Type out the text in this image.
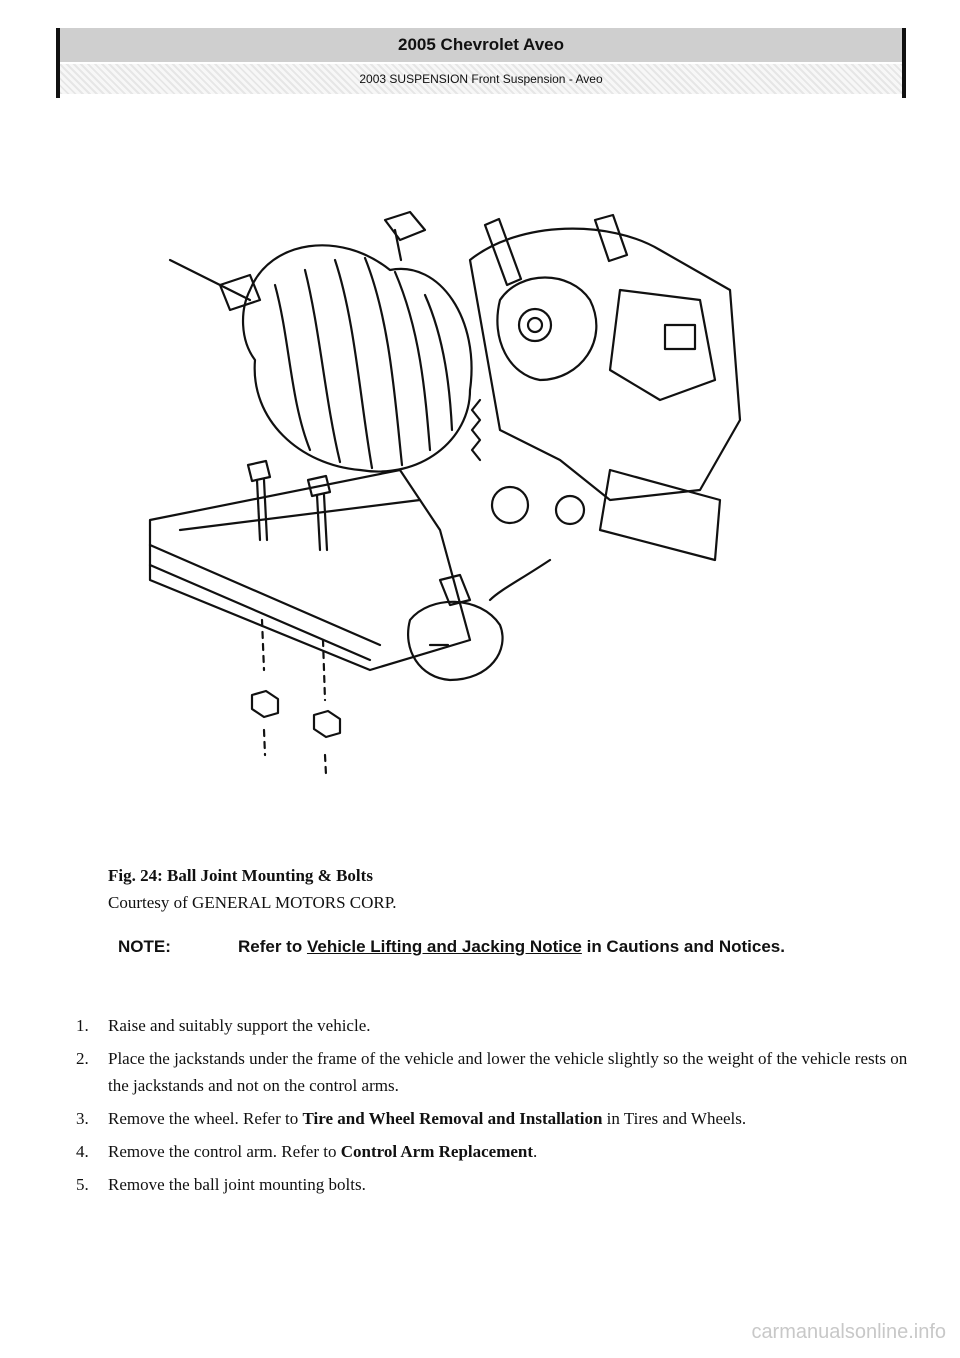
2005 Chevrolet Aveo
2003 SUSPENSION Front Suspension - Aveo
Fig. 24: Ball Joint Mounting & Bolts
Courtesy of GENERAL MOTORS CORP.
NOTE:	Refer to Vehicle Lifting and Jacking Notice in Cautions and Notices.
1. Raise and suitably support the vehicle.
2. Place the jackstands under the frame of the vehicle and lower the vehicle slightly so the weight of the vehicle rests on the jackstands and not on the control arms.
3. Remove the wheel. Refer to Tire and Wheel Removal and Installation in Tires and Wheels.
4. Remove the control arm. Refer to Control Arm Replacement.
5. Remove the ball joint mounting bolts.
carmanualsonline.info
